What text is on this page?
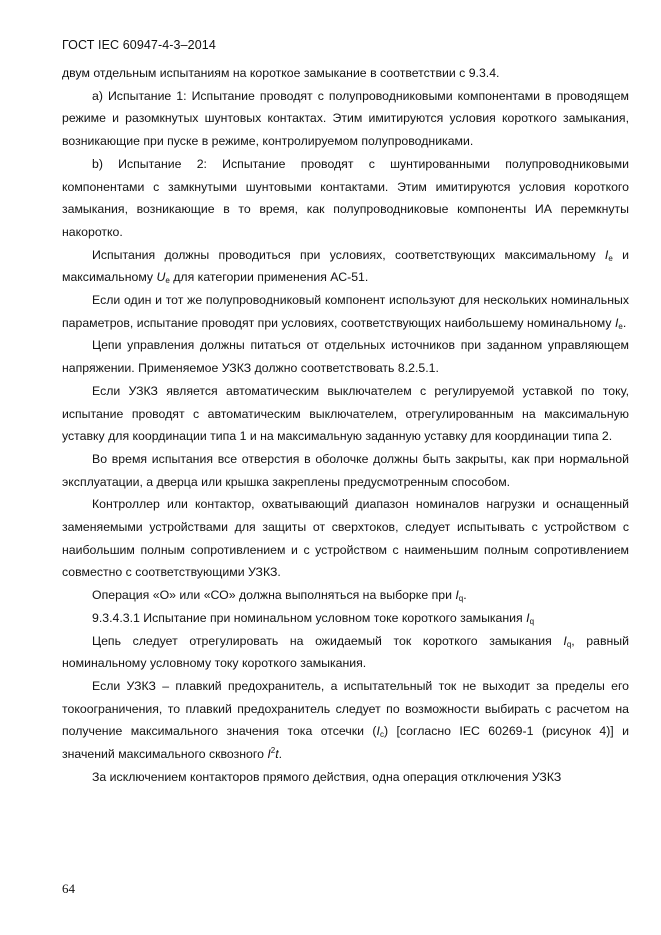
ГОСТ IEC 60947-4-3–2014

двум отдельным испытаниям на короткое замыкание в соответствии с 9.3.4.

а) Испытание 1: Испытание проводят с полупроводниковыми компонентами в проводящем режиме и разомкнутых шунтовых контактах. Этим имитируются условия короткого замыкания, возникающие при пуске в режиме, контролируемом полупроводниками.

b) Испытание 2: Испытание проводят с шунтированными полупроводниковыми компонентами с замкнутыми шунтовыми контактами. Этим имитируются условия короткого замыкания, возникающие в то время, как полупроводниковые компоненты ИА перемкнуты накоротко.

Испытания должны проводиться при условиях, соответствующих максимальному $I_e$ и максимальному $U_e$ для категории применения АС-51.

Если один и тот же полупроводниковый компонент используют для нескольких номинальных параметров, испытание проводят при условиях, соответствующих наибольшему номинальному $I_e$.

Цепи управления должны питаться от отдельных источников при заданном управляющем напряжении. Применяемое УЗКЗ должно соответствовать 8.2.5.1.

Если УЗКЗ является автоматическим выключателем с регулируемой уставкой по току, испытание проводят с автоматическим выключателем, отрегулированным на максимальную уставку для координации типа 1 и на максимальную заданную уставку для координации типа 2.

Во время испытания все отверстия в оболочке должны быть закрыты, как при нормальной эксплуатации, а дверца или крышка закреплены предусмотренным способом.

Контроллер или контактор, охватывающий диапазон номиналов нагрузки и оснащенный заменяемыми устройствами для защиты от сверхтоков, следует испытывать с устройством с наибольшим полным сопротивлением и с устройством с наименьшим полным сопротивлением совместно с соответствующими УЗКЗ.

Операция «О» или «СО» должна выполняться на выборке при $I_q$.

9.3.4.3.1 Испытание при номинальном условном токе короткого замыкания $I_q$

Цепь следует отрегулировать на ожидаемый ток короткого замыкания $I_q$, равный номинальному условному току короткого замыкания.

Если УЗКЗ – плавкий предохранитель, а испытательный ток не выходит за пределы его токоограничения, то плавкий предохранитель следует по возможности выбирать с расчетом на получение максимального значения тока отсечки $(I_c)$ [согласно IEC 60269-1 (рисунок 4)] и значений максимального сквозного $I^2t$.

За исключением контакторов прямого действия, одна операция отключения УЗКЗ

64
